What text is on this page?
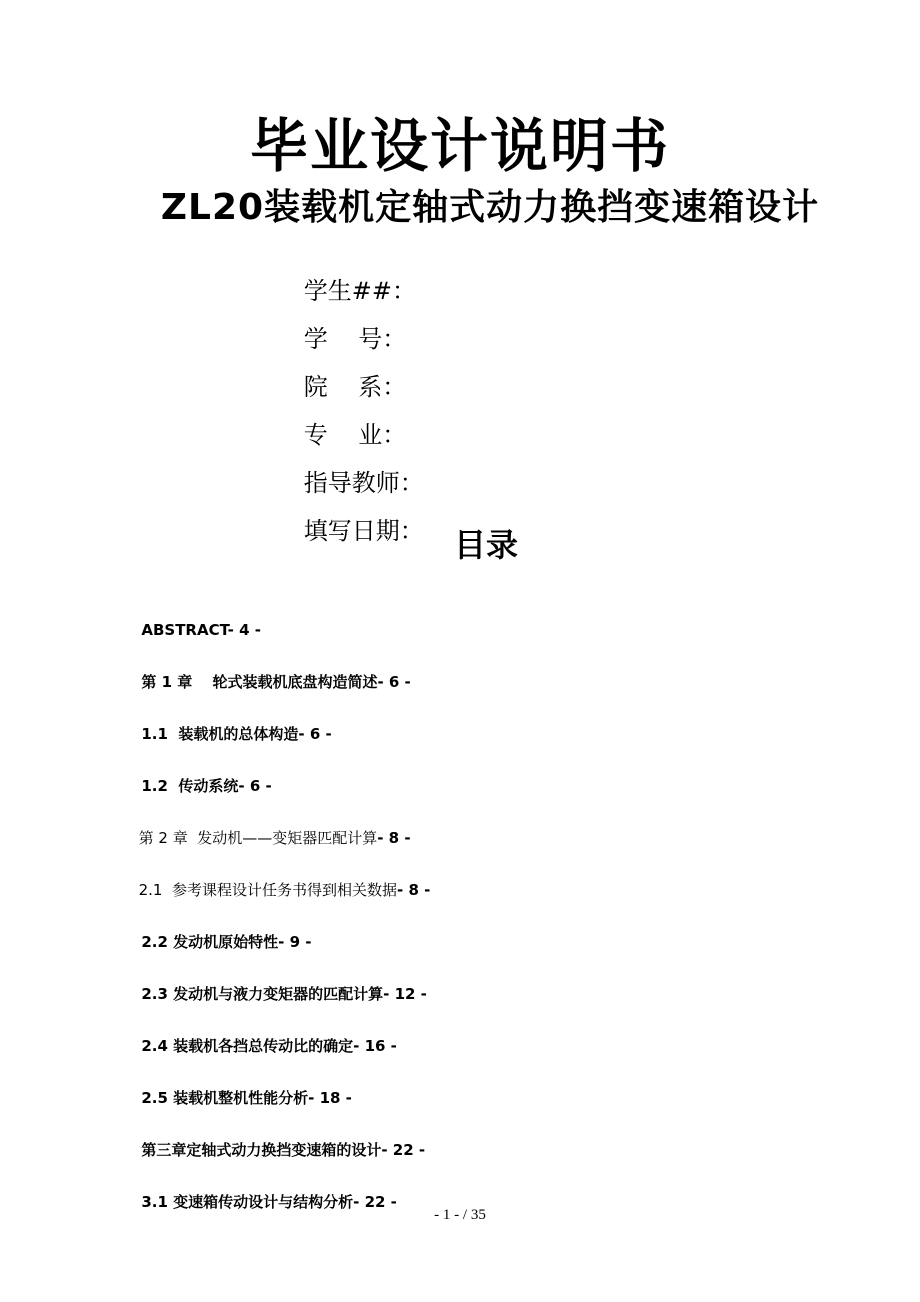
毕业设计说明书
ZL20装载机定轴式动力换挡变速箱设计

学生##：

学    号：

院    系：

专    业：

指导教师：

填写日期：
目录

ABSTRACT- 4 -

第 1 章　 轮式装载机底盘构造简述- 6 -

1.1  装载机的总体构造- 6 -

1.2  传动系统- 6 -

第 2 章  发动机——变矩器匹配计算- 8 -

2.1  参考课程设计任务书得到相关数据- 8 -

2.2 发动机原始特性- 9 -

2.3 发动机与液力变矩器的匹配计算- 12 -

2.4 装载机各挡总传动比的确定- 16 -

2.5 装载机整机性能分析- 18 -

第三章定轴式动力换挡变速箱的设计- 22 -

3.1 变速箱传动设计与结构分析- 22 -

- 1 - / 35
